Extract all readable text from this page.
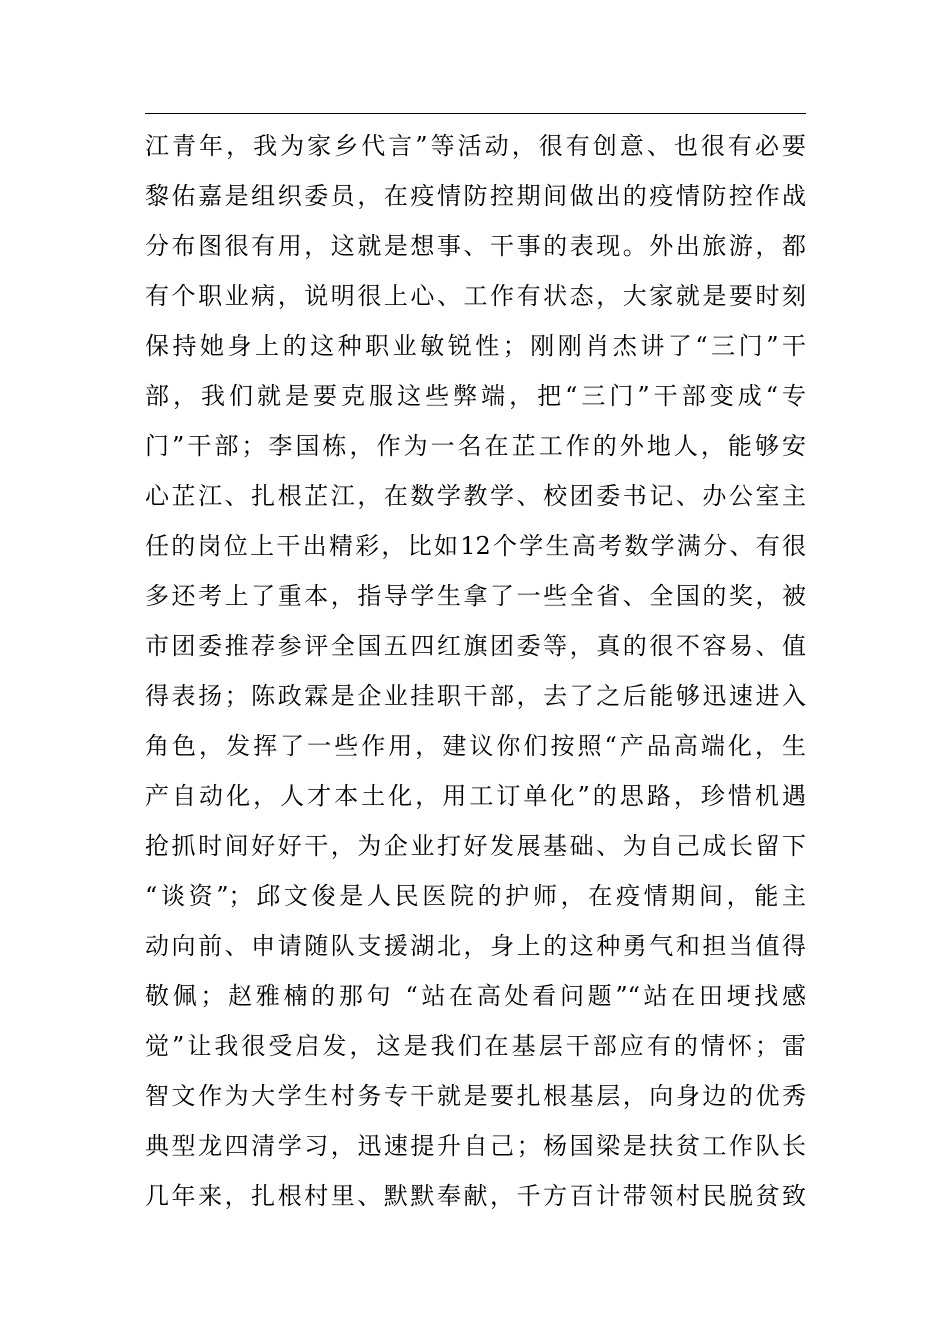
江青年，我为家乡代言”等活动，很有创意、也很有必要
黎佑嘉是组织委员，在疫情防控期间做出的疫情防控作战
分布图很有用，这就是想事、干事的表现。外出旅游，都
有个职业病，说明很上心、工作有状态，大家就是要时刻
保持她身上的这种职业敏锐性；刚刚肖杰讲了“三门”干
部，我们就是要克服这些弊端，把“三门”干部变成“专
门”干部；李国栋，作为一名在芷工作的外地人，能够安
心芷江、扎根芷江，在数学教学、校团委书记、办公室主
任的岗位上干出精彩，比如12个学生高考数学满分、有很
多还考上了重本，指导学生拿了一些全省、全国的奖，被
市团委推荐参评全国五四红旗团委等，真的很不容易、值
得表扬；陈政霖是企业挂职干部，去了之后能够迅速进入
角色，发挥了一些作用，建议你们按照“产品高端化，生
产自动化，人才本土化，用工订单化”的思路，珍惜机遇
抢抓时间好好干，为企业打好发展基础、为自己成长留下
“谈资”；邱文俊是人民医院的护师，在疫情期间，能主
动向前、申请随队支援湖北，身上的这种勇气和担当值得
敬佩；赵雅楠的那句 “站在高处看问题”“站在田埂找感
觉”让我很受启发，这是我们在基层干部应有的情怀；雷
智文作为大学生村务专干就是要扎根基层，向身边的优秀
典型龙四清学习，迅速提升自己；杨国梁是扶贫工作队长
几年来，扎根村里、默默奉献，千方百计带领村民脱贫致
